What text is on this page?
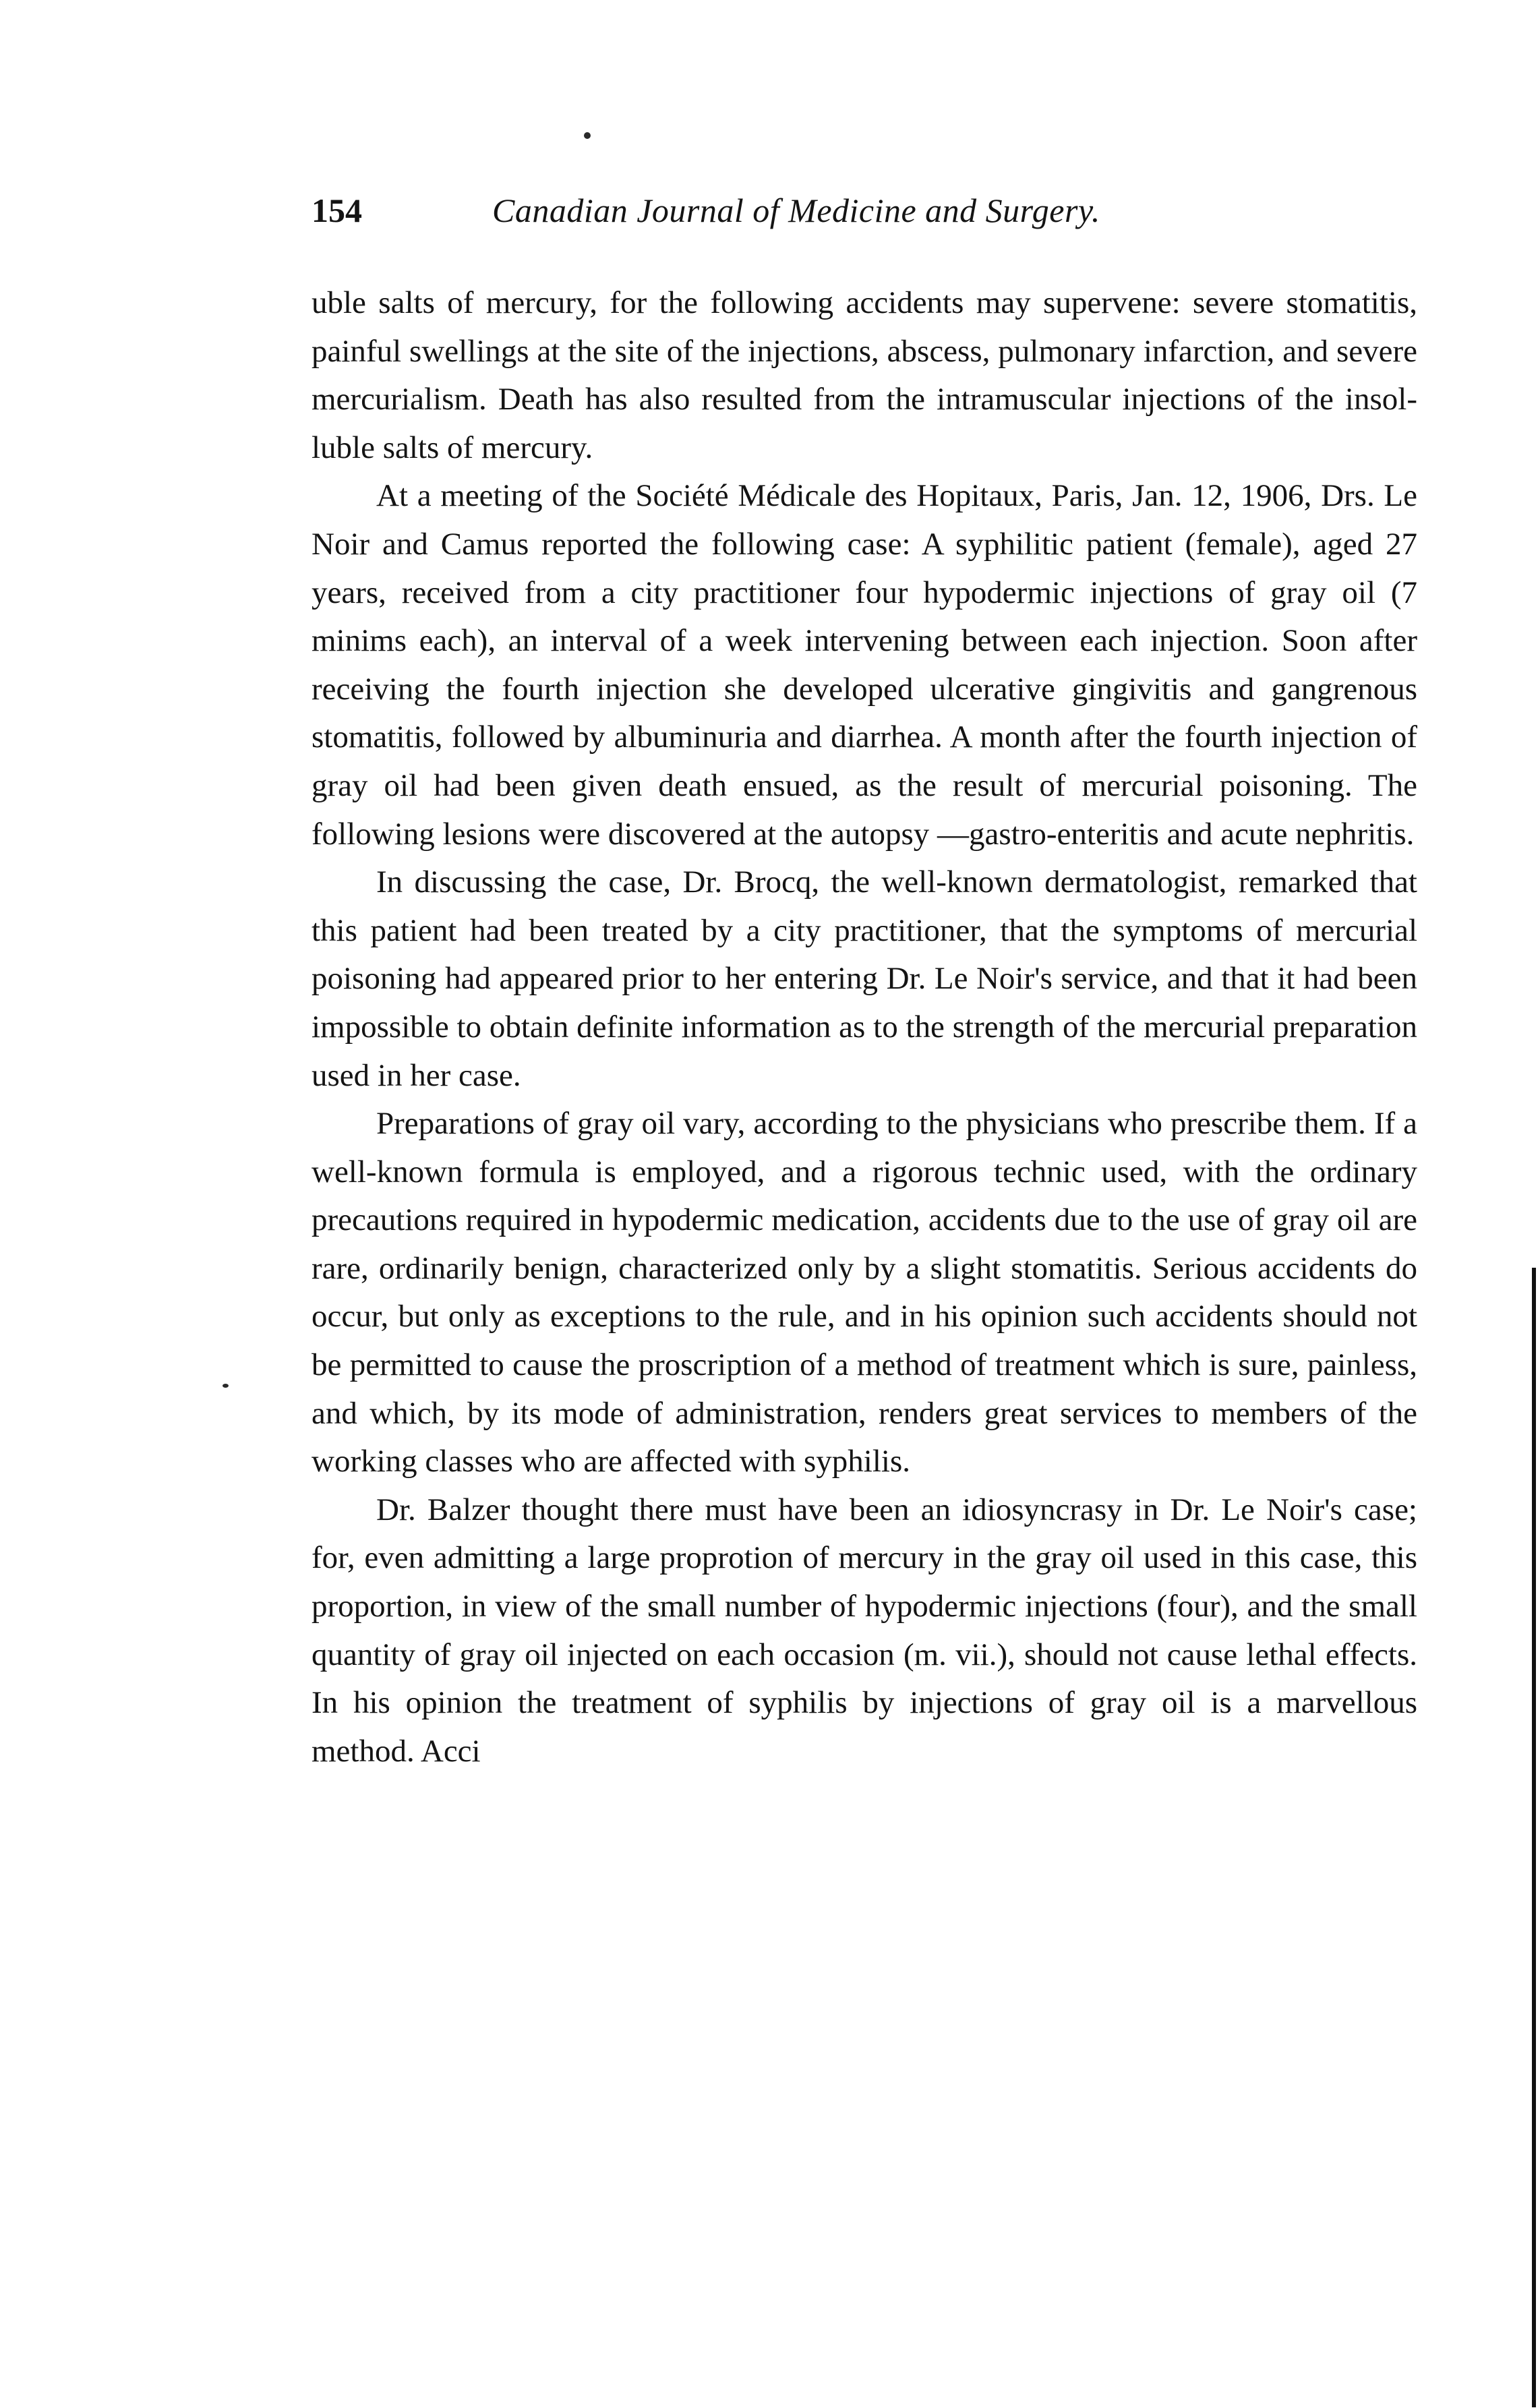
154	Canadian Journal of Medicine and Surgery.

uble salts of mercury, for the following accidents may supervene: severe stomatitis, painful swellings at the site of the injections, abscess, pulmonary infarction, and severe mercurialism. Death has also resulted from the intramuscular injections of the insolluble salts of mercury.

At a meeting of the Société Médicale des Hopitaux, Paris, Jan. 12, 1906, Drs. Le Noir and Camus reported the following case: A syphilitic patient (female), aged 27 years, received from a city practitioner four hypodermic injections of gray oil (7 minims each), an interval of a week intervening between each injection. Soon after receiving the fourth injection she developed ulcerative gingivitis and gangrenous stomatitis, followed by albuminuria and diarrhea. A month after the fourth injection of gray oil had been given death ensued, as the result of mercurial poisoning. The following lesions were discovered at the autopsy —gastro-enteritis and acute nephritis.

In discussing the case, Dr. Brocq, the well-known dermatologist, remarked that this patient had been treated by a city practitioner, that the symptoms of mercurial poisoning had appeared prior to her entering Dr. Le Noir's service, and that it had been impossible to obtain definite information as to the strength of the mercurial preparation used in her case.

Preparations of gray oil vary, according to the physicians who prescribe them. If a well-known formula is employed, and a rigorous technic used, with the ordinary precautions required in hypodermic medication, accidents due to the use of gray oil are rare, ordinarily benign, characterized only by a slight stomatitis. Serious accidents do occur, but only as exceptions to the rule, and in his opinion such accidents should not be permitted to cause the proscription of a method of treatment which is sure, painless, and which, by its mode of administration, renders great services to members of the working classes who are affected with syphilis.

Dr. Balzer thought there must have been an idiosyncrasy in Dr. Le Noir's case; for, even admitting a large proprotion of mercury in the gray oil used in this case, this proportion, in view of the small number of hypodermic injections (four), and the small quantity of gray oil injected on each occasion (m. vii.), should not cause lethal effects. In his opinion the treatment of syphilis by injections of gray oil is a marvellous method. Acci
